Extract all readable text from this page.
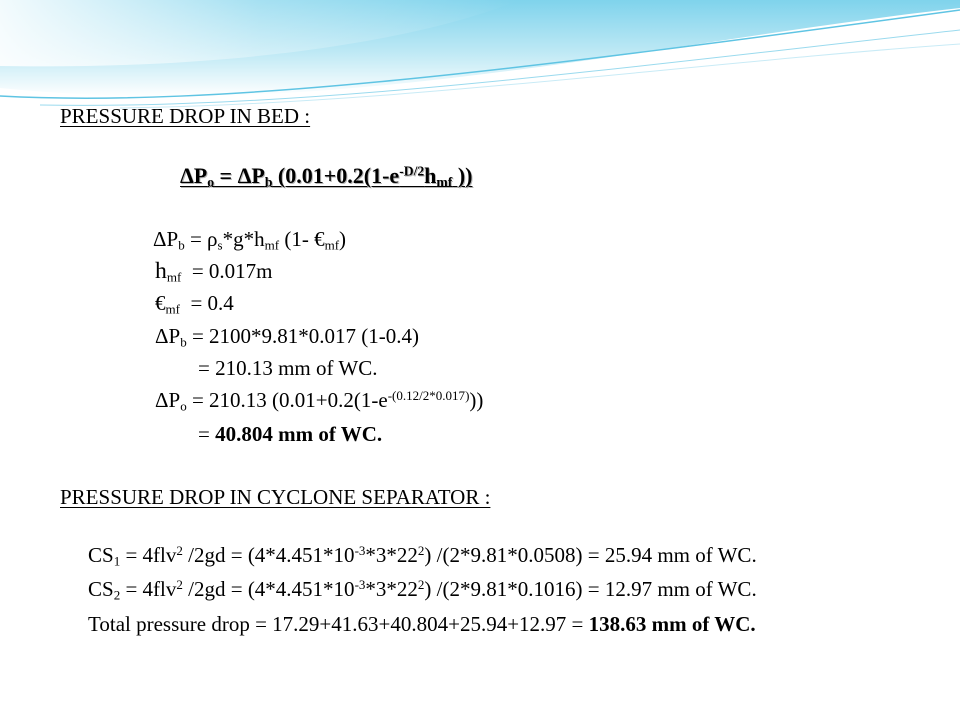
PRESSURE DROP IN BED :
$\Delta P_o = \Delta P_b$ ($0.01+0.2(1-e^{-D/2}h_{mf}$ ))
$\Delta P_b = \rho_s*g*h_{mf}$ (1- $€_{mf}$)
$h_{mf} = 0.017m$
$€_{mf} = 0.4$
$\Delta P_b = 2100*9.81*0.017$ (1-0.4)
= 210.13 mm of WC.
$\Delta P_o = 210.13$ $(0.01+0.2(1-e^{-(0.12/2*0.017)}))$
= 40.804 mm of WC.
PRESSURE DROP IN CYCLONE SEPARATOR :
$CS_1 = 4flv^2$ $/2gd = (4*4.451*10^{-3}*3*22^2) /(2*9.81*0.0508) = 25.94$ mm of WC.
$CS_2 = 4flv^2$ $/2gd = (4*4.451*10^{-3}*3*22^2) /(2*9.81*0.1016) = 12.97$ mm of WC.
Total pressure drop = 17.29+41.63+40.804+25.94+12.97 = 138.63 mm of WC.
